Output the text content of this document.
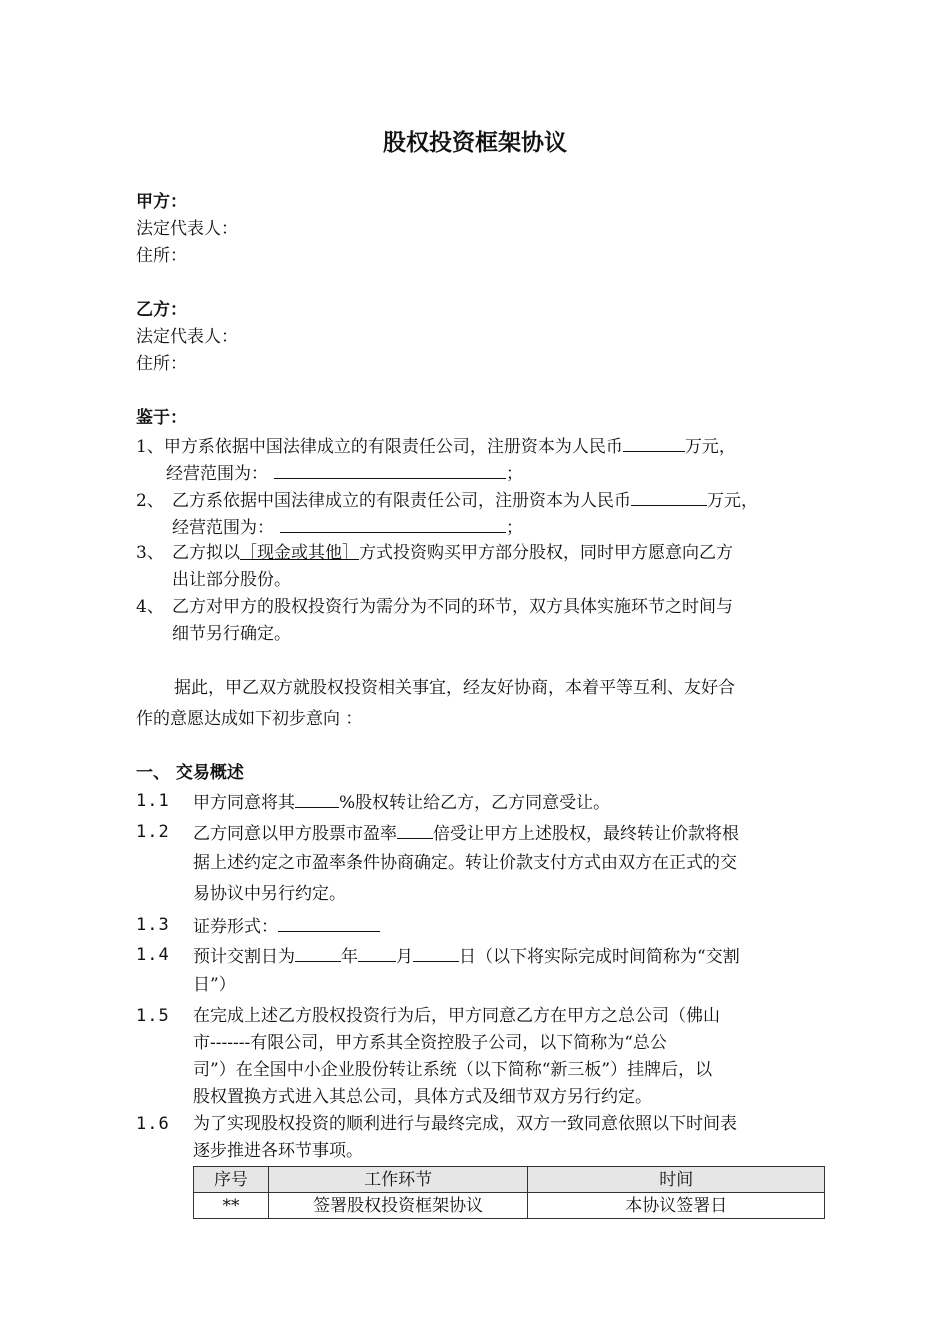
股权投资框架协议
甲方：
法定代表人：
住所：
乙方：
法定代表人：
住所：
鉴于：
1、甲方系依据中国法律成立的有限责任公司，注册资本为人民币	万元，
经营范围为：	；
2、 乙方系依据中国法律成立的有限责任公司，注册资本为人民币	万元，
经营范围为：	；
3、 乙方拟以［现金或其他］方式投资购买甲方部分股权，同时甲方愿意向乙方
出让部分股份。
4、 乙方对甲方的股权投资行为需分为不同的环节，双方具体实施环节之时间与
细节另行确定。
据此，甲乙双方就股权投资相关事宜，经友好协商，本着平等互利、友好合
作的意愿达成如下初步意向 ：
一、 交易概述
1.1 甲方同意将其	%股权转让给乙方，乙方同意受让。
1.2 乙方同意以甲方股票市盈率 倍受让甲方上述股权，最终转让价款将根
据上述约定之市盈率条件协商确定。转让价款支付方式由双方在正式的交
易协议中另行约定。
1.3 证券形式：
1.4 预计交割日为	年 月	日（以下将实际完成时间简称为“交割
日”）
1.5 在完成上述乙方股权投资行为后，甲方同意乙方在甲方之总公司（佛山
市-------有限公司，甲方系其全资控股子公司，以下简称为“总公
司”）在全国中小企业股份转让系统（以下简称“新三板”）挂牌后，以
股权置换方式进入其总公司，具体方式及细节双方另行约定。
1.6 为了实现股权投资的顺利进行与最终完成，双方一致同意依照以下时间表
逐步推进各环节事项。
序号	工作环节	时间
**	签署股权投资框架协议	本协议签署日
